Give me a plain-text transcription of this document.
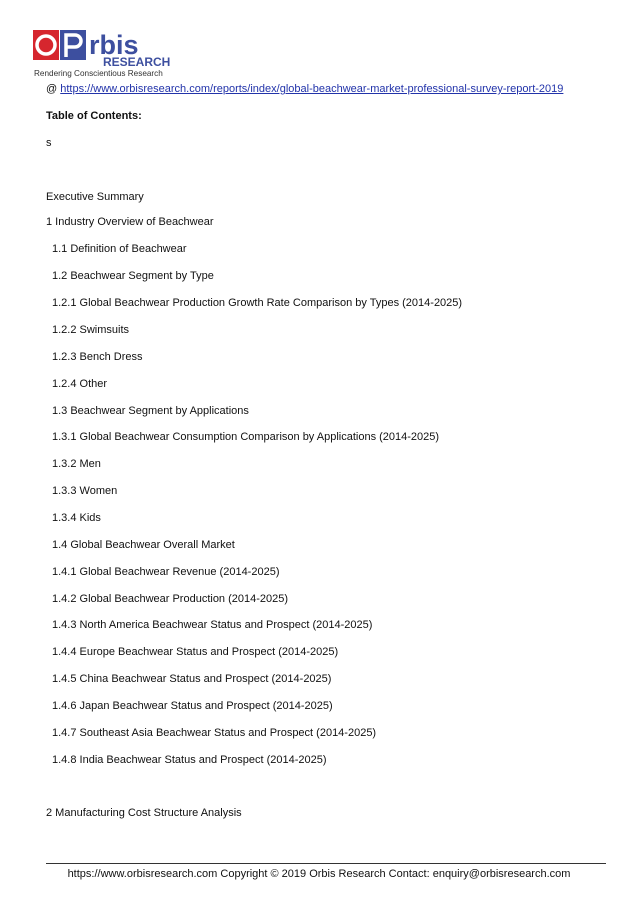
rbis
RESEARCH
Rendering Conscientious Research
@ https://www.orbisresearch.com/reports/index/global-beachwear-market-professional-survey-report-2019
Table of Contents:
s
Executive Summary
1 Industry Overview of Beachwear
1.1 Definition of Beachwear
1.2 Beachwear Segment by Type
1.2.1 Global Beachwear Production Growth Rate Comparison by Types (2014-2025)
1.2.2 Swimsuits
1.2.3 Bench Dress
1.2.4 Other
1.3 Beachwear Segment by Applications
1.3.1 Global Beachwear Consumption Comparison by Applications (2014-2025)
1.3.2 Men
1.3.3 Women
1.3.4 Kids
1.4 Global Beachwear Overall Market
1.4.1 Global Beachwear Revenue (2014-2025)
1.4.2 Global Beachwear Production (2014-2025)
1.4.3 North America Beachwear Status and Prospect (2014-2025)
1.4.4 Europe Beachwear Status and Prospect (2014-2025)
1.4.5 China Beachwear Status and Prospect (2014-2025)
1.4.6 Japan Beachwear Status and Prospect (2014-2025)
1.4.7 Southeast Asia Beachwear Status and Prospect (2014-2025)
1.4.8 India Beachwear Status and Prospect (2014-2025)
2 Manufacturing Cost Structure Analysis
https://www.orbisresearch.com Copyright © 2019 Orbis Research Contact: enquiry@orbisresearch.com
